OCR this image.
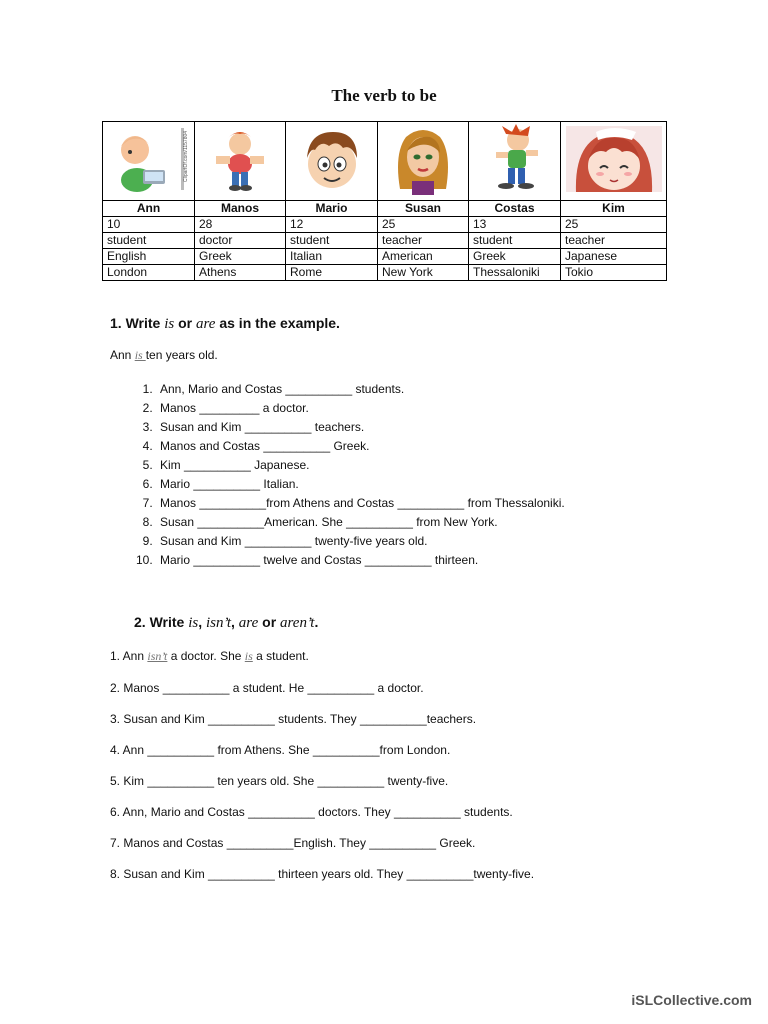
The verb to be
ClipartOf.com/1157804

Ann	Manos	Mario	Susan	Costas	Kim
10	28	12	25	13	25
student	doctor	student	teacher	student	teacher
English	Greek	Italian	American	Greek	Japanese
London	Athens	Rome	New York	Thessaloniki	Tokio
1. Write is or are as in the example.
Ann is ten years old.
1. Ann, Mario and Costas __________ students.
2. Manos _________ a doctor.
3. Susan and Kim __________ teachers.
4. Manos and Costas __________ Greek.
5. Kim __________ Japanese.
6. Mario __________ Italian.
7. Manos __________from Athens and Costas __________ from Thessaloniki.
8. Susan __________American. She __________ from New York.
9. Susan and Kim __________ twenty-five years old.
10. Mario __________ twelve and Costas __________ thirteen.
2. Write is, isn’t, are or aren’t.
1. Ann isn’t a doctor. She is a student.
2. Manos __________ a student. He __________ a doctor.
3. Susan and Kim __________ students. They __________teachers.
4. Ann __________ from Athens. She __________from London.
5. Kim __________ ten years old. She __________ twenty-five.
6. Ann, Mario and Costas __________ doctors. They __________ students.
7. Manos and Costas __________English. They __________ Greek.
8. Susan and Kim __________ thirteen years old. They __________twenty-five.
iSLCollective.com
